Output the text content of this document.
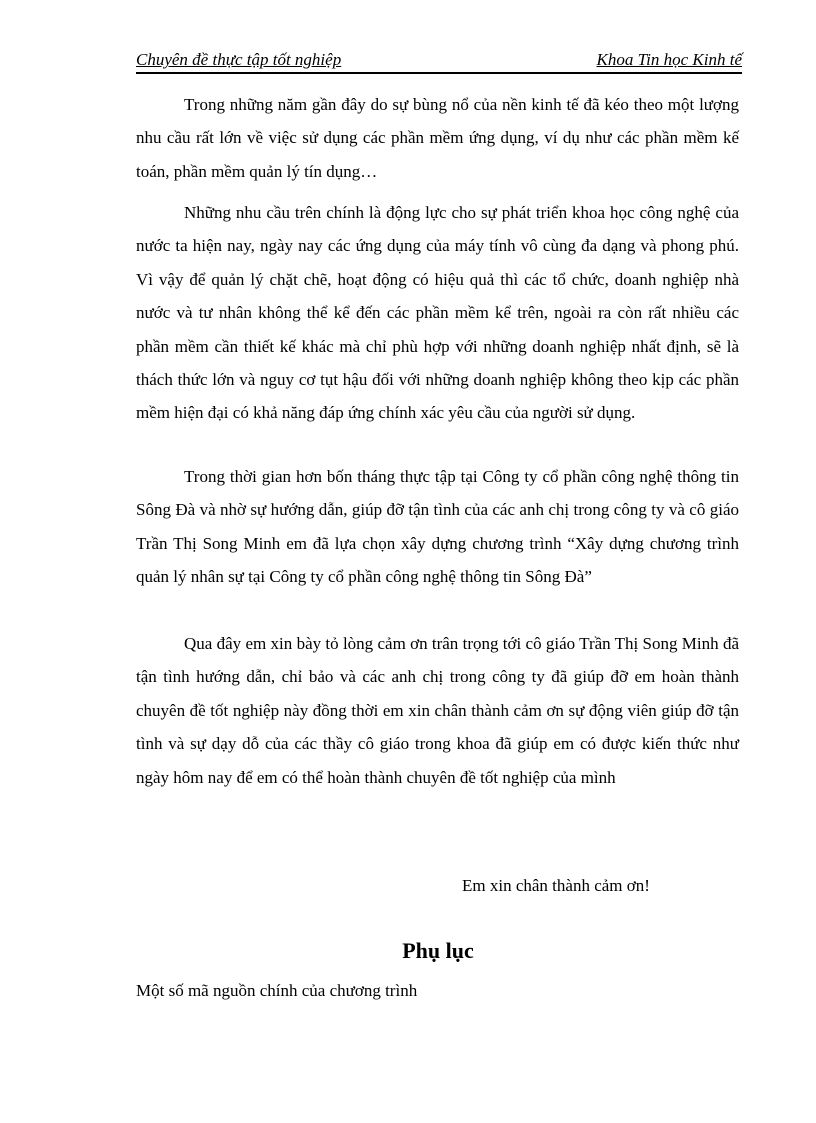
Chuyên đề thực tập tốt nghiệp	Khoa Tin học Kinh tế

Trong những năm gần đây do sự bùng nổ của nền kinh tế đã kéo theo một lượng nhu cầu rất lớn về việc sử dụng các phần mềm ứng dụng, ví dụ như các phần mềm kế toán, phần mềm quản lý tín dụng…

Những nhu cầu trên chính là động lực cho sự phát triển khoa học công nghệ của nước ta hiện nay, ngày nay các ứng dụng của máy tính vô cùng đa dạng và phong phú. Vì vậy để quản lý chặt chẽ, hoạt động có hiệu quả thì các tổ chức, doanh nghiệp nhà nước và tư nhân không thể kể đến các phần mềm kể trên, ngoài ra còn rất nhiều các phần mềm cần thiết kế khác mà chỉ phù hợp với những doanh nghiệp nhất định, sẽ là thách thức lớn và nguy cơ tụt hậu đối với những doanh nghiệp không theo kịp các phần mềm hiện đại có khả năng đáp ứng chính xác yêu cầu của người sử dụng.

Trong thời gian hơn bốn tháng thực tập tại Công ty cổ phần công nghệ thông tin Sông Đà và nhờ sự hướng dẫn, giúp đỡ tận tình của các anh chị trong công ty và cô giáo Trần Thị Song Minh em đã lựa chọn xây dựng chương trình “Xây dựng chương trình quản lý nhân sự tại Công ty cổ phần công nghệ thông tin Sông Đà”

Qua đây em xin bày tỏ lòng cảm ơn trân trọng tới cô giáo Trần Thị Song Minh đã tận tình hướng dẫn, chỉ bảo và các anh chị trong công ty đã giúp đỡ em hoàn thành chuyên đề tốt nghiệp này đồng thời em xin chân thành cảm ơn sự động viên giúp đỡ tận tình và sự dạy dỗ của các thầy cô giáo trong khoa đã giúp em có được kiến thức như ngày hôm nay để em có thể hoàn thành chuyên đề tốt nghiệp của mình

Em xin chân thành cảm ơn!
Phụ lục
Một số mã nguồn chính của chương trình
